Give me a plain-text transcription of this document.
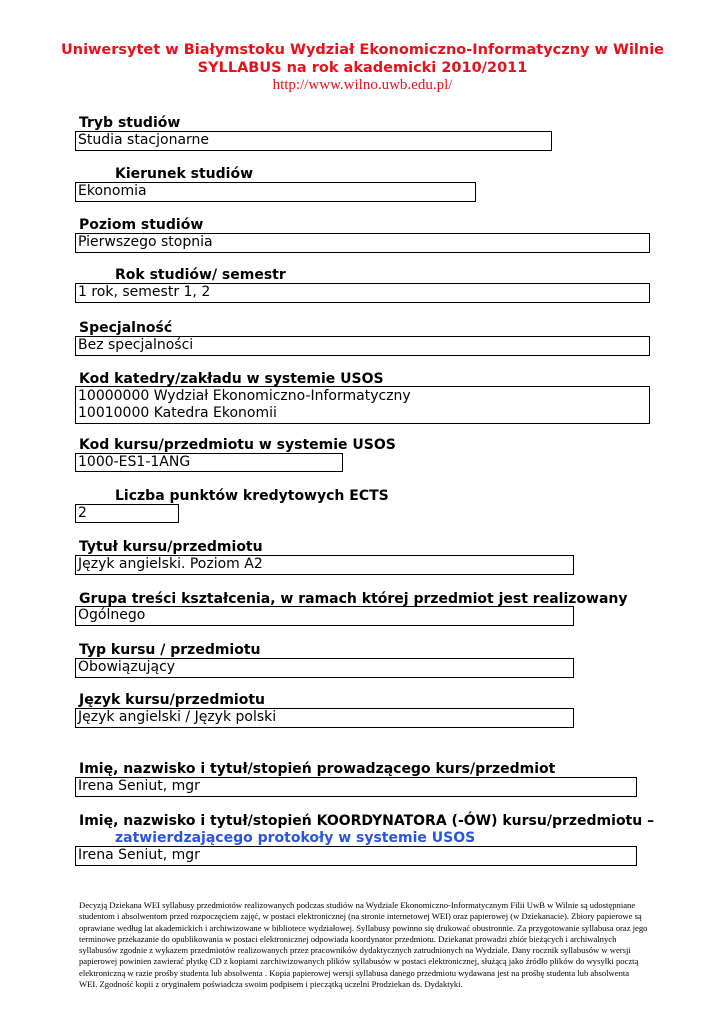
Uniwersytet w Białymstoku Wydział Ekonomiczno-Informatyczny w Wilnie
SYLLABUS na rok akademicki 2010/2011
http://www.wilno.uwb.edu.pl/
Tryb studiów
Studia stacjonarne
Kierunek studiów
Ekonomia
Poziom studiów
Pierwszego stopnia
Rok studiów/ semestr
1 rok, semestr 1, 2
Specjalność
Bez specjalności
Kod katedry/zakładu w systemie USOS
10000000 Wydział Ekonomiczno-Informatyczny
10010000 Katedra Ekonomii
Kod kursu/przedmiotu w systemie USOS
1000-ES1-1ANG
Liczba punktów kredytowych ECTS
2
Tytuł kursu/przedmiotu
Język angielski. Poziom A2
Grupa treści kształcenia, w ramach której przedmiot jest realizowany
Ogólnego
Typ kursu / przedmiotu
Obowiązujący
Język kursu/przedmiotu
Język angielski / Język polski
Imię, nazwisko i tytuł/stopień prowadzącego kurs/przedmiot
Irena Seniut, mgr
Imię, nazwisko i tytuł/stopień KOORDYNATORA (-ÓW) kursu/przedmiotu –
zatwierdzającego protokoły w systemie USOS
Irena Seniut, mgr
Decyzją Dziekana WEI syllabusy przedmiotów realizowanych podczas studiów na Wydziale Ekonomiczno-Informatycznym Filii UwB w Wilnie są udostępniane studentom i absolwentom przed rozpoczęciem zajęć, w postaci elektronicznej (na stronie internetowej WEI) oraz papierowej (w Dziekanacie). Zbiory papierowe są oprawiane według lat akademickich i archiwizowane w bibliotece wydziałowej. Syllabusy powinno się drukować obustronnie. Za przygotowanie syllabusa oraz jego terminowe przekazanie do opublikowania w postaci elektronicznej odpowiada koordynator przedmiotu. Dziekanat prowadzi zbiór bieżących i archiwalnych syllabusów zgodnie z wykazem przedmiotów realizowanych przez pracowników dydaktycznych zatrudnionych na Wydziale. Dany rocznik syllabusów w wersji papierowej powinien zawierać płytkę CD z kopiami zarchiwizowanych plików syllabusów w postaci elektronicznej, służącą jako źródło plików do wysyłki pocztą elektroniczną w razie prośby studenta lub absolwenta . Kopia papierowej wersji syllabusa danego przedmiotu wydawana jest na prośbę studenta lub absolwenta WEI. Zgodność kopii z oryginałem poświadcza swoim podpisem i pieczątką uczelni Prodziekan ds. Dydaktyki.
